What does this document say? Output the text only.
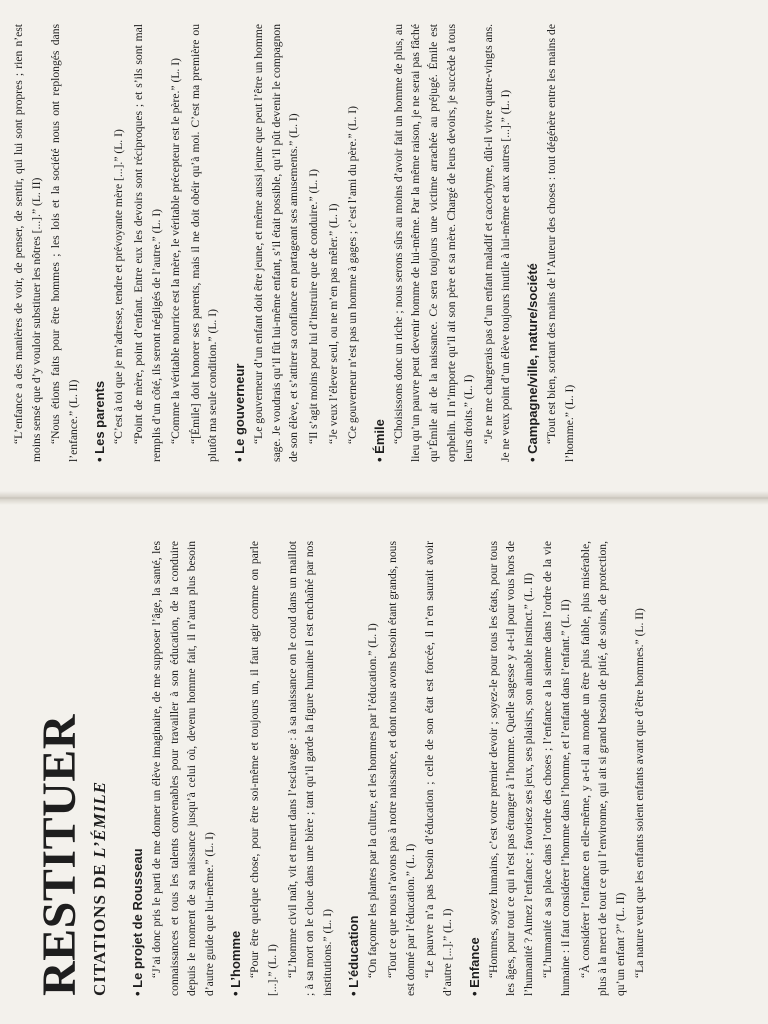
RESTITUER CITATIONS DE L’ÉMILE
• Le projet de Rousseau “J’ai donc pris le parti de me donner un élève imaginaire, de me supposer l’âge, la santé, les connaissances et tous les talents convenables pour travailler à son éducation, de la conduire depuis le moment de sa naissance jusqu’à celui où, devenu homme fait, il n’aura plus besoin d’autre guide que lui-même.” (L. I) • L’homme “Pour être quelque chose, pour être soi-même et toujours un, il faut agir comme on parle [...].” (L. I) “L’homme civil naît, vit et meurt dans l’esclavage : à sa naissance on le coud dans un maillot ; à sa mort on le cloue dans une bière ; tant qu’il garde la figure humaine il est enchaîné par nos institutions.” (L. I) • L’éducation “On façonne les plantes par la culture, et les hommes par l’éducation.” (L. I) “Tout ce que nous n’avons pas à notre naissance, et dont nous avons besoin étant grands, nous est donné par l’éducation.” (L. I) “Le pauvre n’a pas besoin d’éducation ; celle de son état est forcée, il n’en saurait avoir d’autre [...].” (L. I) • Enfance “Hommes, soyez humains, c’est votre premier devoir ; soyez-le pour tous les états, pour tous les âges, pour tout ce qui n’est pas étranger à l’homme. Quelle sagesse y a-t-il pour vous hors de l’humanité ? Aimez l’enfance ; favorisez ses jeux, ses plaisirs, son aimable instinct.” (L. II) “L’humanité a sa place dans l’ordre des choses ; l’enfance a la sienne dans l’ordre de la vie humaine : il faut considérer l’homme dans l’homme, et l’enfant dans l’enfant.” (L. II) “À considérer l’enfance en elle-même, y a-t-il au monde un être plus faible, plus misérable, plus à la merci de tout ce qui l’environne, qui ait si grand besoin de pitié, de soins, de protection, qu’un enfant ?” (L. II) “La nature veut que les enfants soient enfants avant que d’être hommes.” (L. II)

“L’enfance a des manières de voir, de penser, de sentir, qui lui sont propres ; rien n’est moins sensé que d’y vouloir substituer les nôtres [...].” (L. II) “Nous étions faits pour être hommes ; les lois et la société nous ont replongés dans l’enfance.” (L. II) • Les parents “C’est à toi que je m’adresse, tendre et prévoyante mère [...].” (L. I) “Point de mère, point d’enfant. Entre eux les devoirs sont réciproques ; et s’ils sont mal remplis d’un côté, ils seront négligés de l’autre.” (L. I) “Comme la véritable nourrice est la mère, le véritable précepteur est le père.” (L. I) “[Émile] doit honorer ses parents, mais il ne doit obéir qu’à moi. C’est ma première ou plutôt ma seule condition.” (L. I) • Le gouverneur “Le gouverneur d’un enfant doit être jeune, et même aussi jeune que peut l’être un homme sage. Je voudrais qu’il fût lui-même enfant, s’il était possible, qu’il pût devenir le compagnon de son élève, et s’attirer sa confiance en partageant ses amusements.” (L. I) “Il s’agit moins pour lui d’instruire que de conduire.” (L. I) “Je veux l’élever seul, ou ne m’en pas mêler.” (L. I) “Ce gouverneur n’est pas un homme à gages ; c’est l’ami du père.” (L. I) • Émile “Choisissons donc un riche ; nous serons sûrs au moins d’avoir fait un homme de plus, au lieu qu’un pauvre peut devenir homme de lui-même. Par la même raison, je ne serai pas fâché qu’Émile ait de la naissance. Ce sera toujours une victime arrachée au préjugé. Émile est orphelin. Il n’importe qu’il ait son père et sa mère. Chargé de leurs devoirs, je succède à tous leurs droits.” (L. I) “Je ne me chargerais pas d’un enfant maladif et cacochyme, dût-il vivre quatre-vingts ans. Je ne veux point d’un élève toujours inutile à lui-même et aux autres [...].” (L. I) • Campagne/ville, nature/société “Tout est bien, sortant des mains de l’Auteur des choses : tout dégénère entre les mains de l’homme.” (L. I)
